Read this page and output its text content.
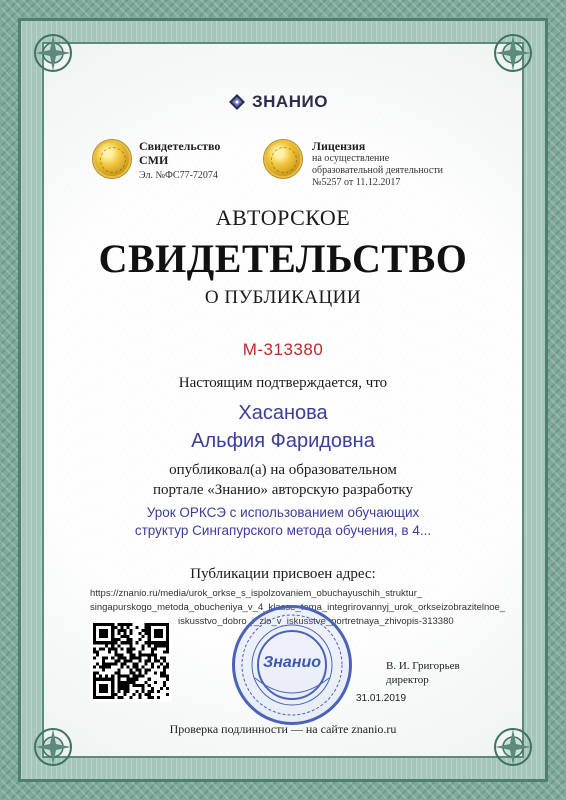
ЗНАНИО
Свидетельство
СМИ
Эл. №ФС77-72074
Лицензия
на осуществление
образовательной деятельности
№5257 от 11.12.2017
АВТОРСКОЕ
СВИДЕТЕЛЬСТВО
О ПУБЛИКАЦИИ
М-313380
Настоящим подтверждается, что
Хасанова
Альфия Фаридовна
опубликовал(а) на образовательном
портале «Знанио» авторскую разработку
Урок ОРКСЭ с использованием обучающих
структур Сингапурского метода обучения, в 4...
Публикации присвоен адрес:
https://znanio.ru/media/urok_orkse_s_ispolzovaniem_obuchayuschih_struktur_
singapurskogo_metoda_obucheniya_v_4_klasse_tema_integrirovannyj_urok_orkseizobrazitelnoe_
iskusstvo_dobro_i_zlo_v_iskusstve_portretnaya_zhivopis-313380
Знанио	В. И. Григорьев
директор
31.01.2019
Проверка подлинности — на сайте znanio.ru
